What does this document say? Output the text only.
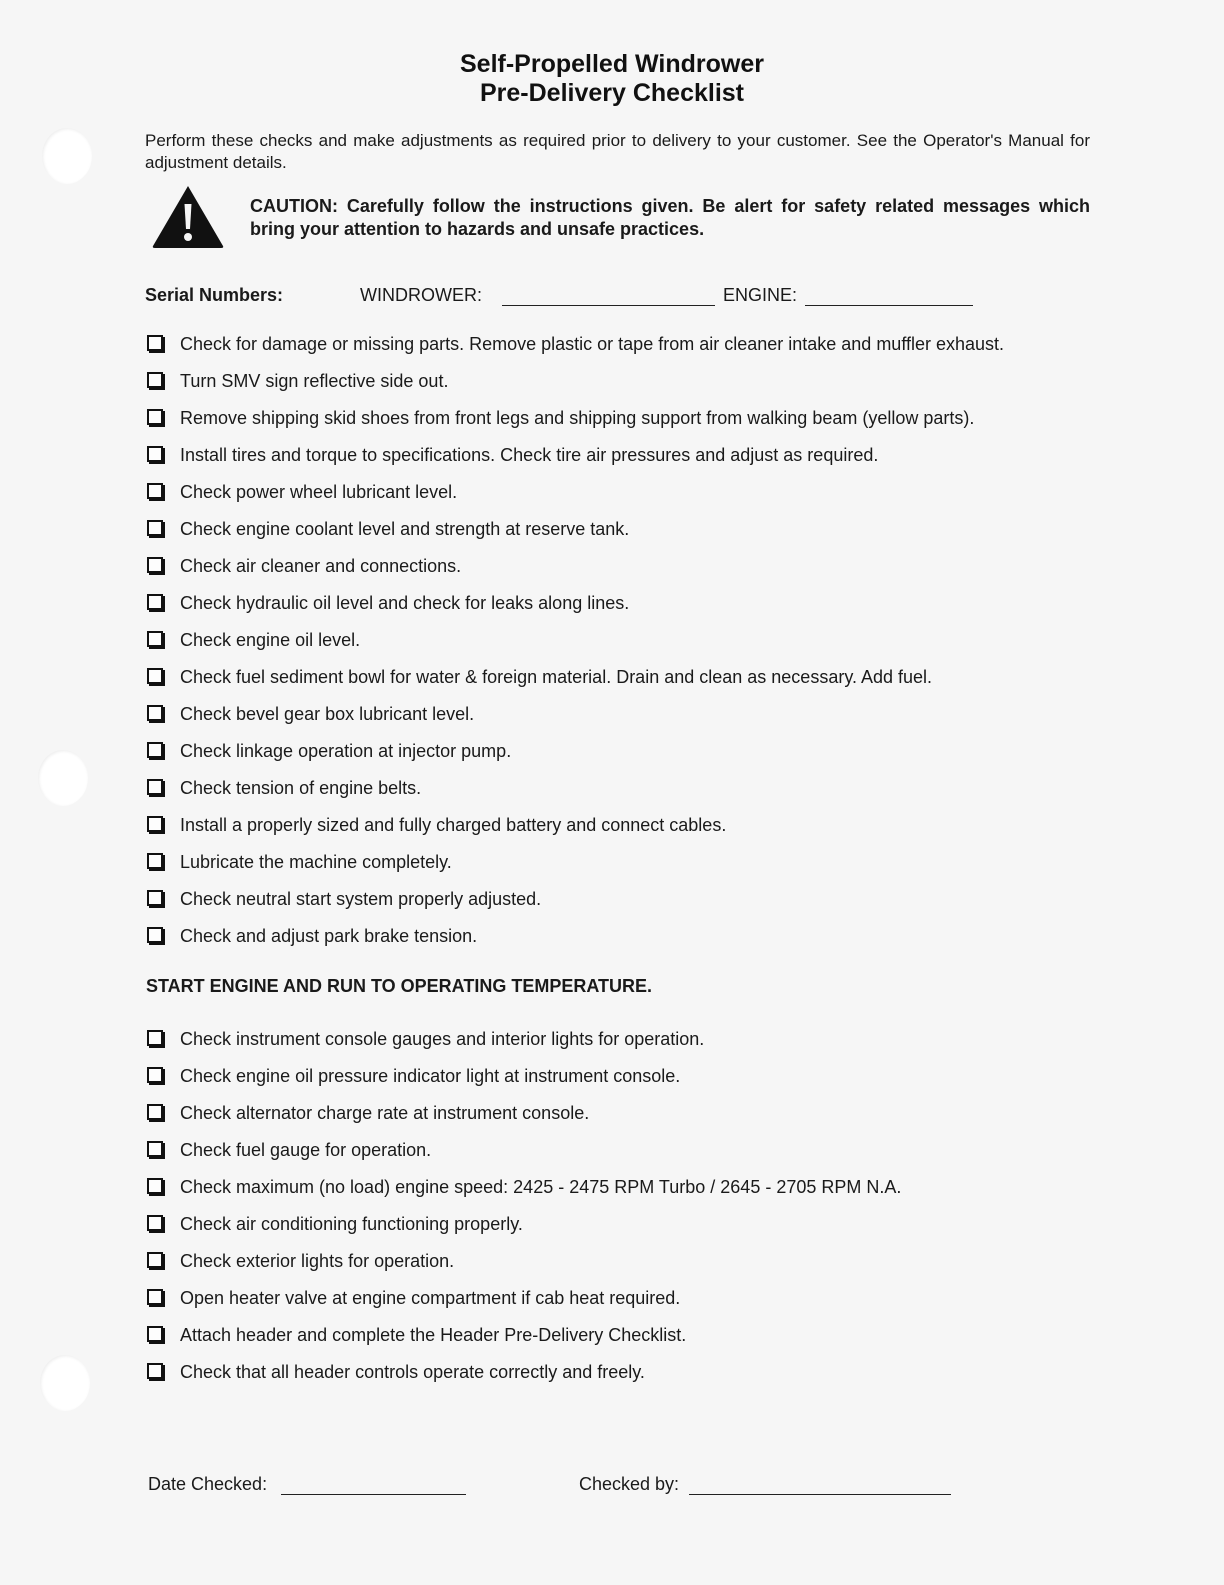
Self-Propelled Windrower
Pre-Delivery Checklist
Perform these checks and make adjustments as required prior to delivery to your customer. See the Operator's Manual for adjustment details.
CAUTION: Carefully follow the instructions given. Be alert for safety related messages which bring your attention to hazards and unsafe practices.
Serial Numbers:	WINDROWER:	ENGINE:
Check for damage or missing parts. Remove plastic or tape from air cleaner intake and muffler exhaust.
Turn SMV sign reflective side out.
Remove shipping skid shoes from front legs and shipping support from walking beam (yellow parts).
Install tires and torque to specifications. Check tire air pressures and adjust as required.
Check power wheel lubricant level.
Check engine coolant level and strength at reserve tank.
Check air cleaner and connections.
Check hydraulic oil level and check for leaks along lines.
Check engine oil level.
Check fuel sediment bowl for water & foreign material. Drain and clean as necessary. Add fuel.
Check bevel gear box lubricant level.
Check linkage operation at injector pump.
Check tension of engine belts.
Install a properly sized and fully charged battery and connect cables.
Lubricate the machine completely.
Check neutral start system properly adjusted.
Check and adjust park brake tension.
START ENGINE AND RUN TO OPERATING TEMPERATURE.
Check instrument console gauges and interior lights for operation.
Check engine oil pressure indicator light at instrument console.
Check alternator charge rate at instrument console.
Check fuel gauge for operation.
Check maximum (no load) engine speed: 2425 - 2475 RPM Turbo / 2645 - 2705 RPM N.A.
Check air conditioning functioning properly.
Check exterior lights for operation.
Open heater valve at engine compartment if cab heat required.
Attach header and complete the Header Pre-Delivery Checklist.
Check that all header controls operate correctly and freely.
Date Checked:	Checked by:
